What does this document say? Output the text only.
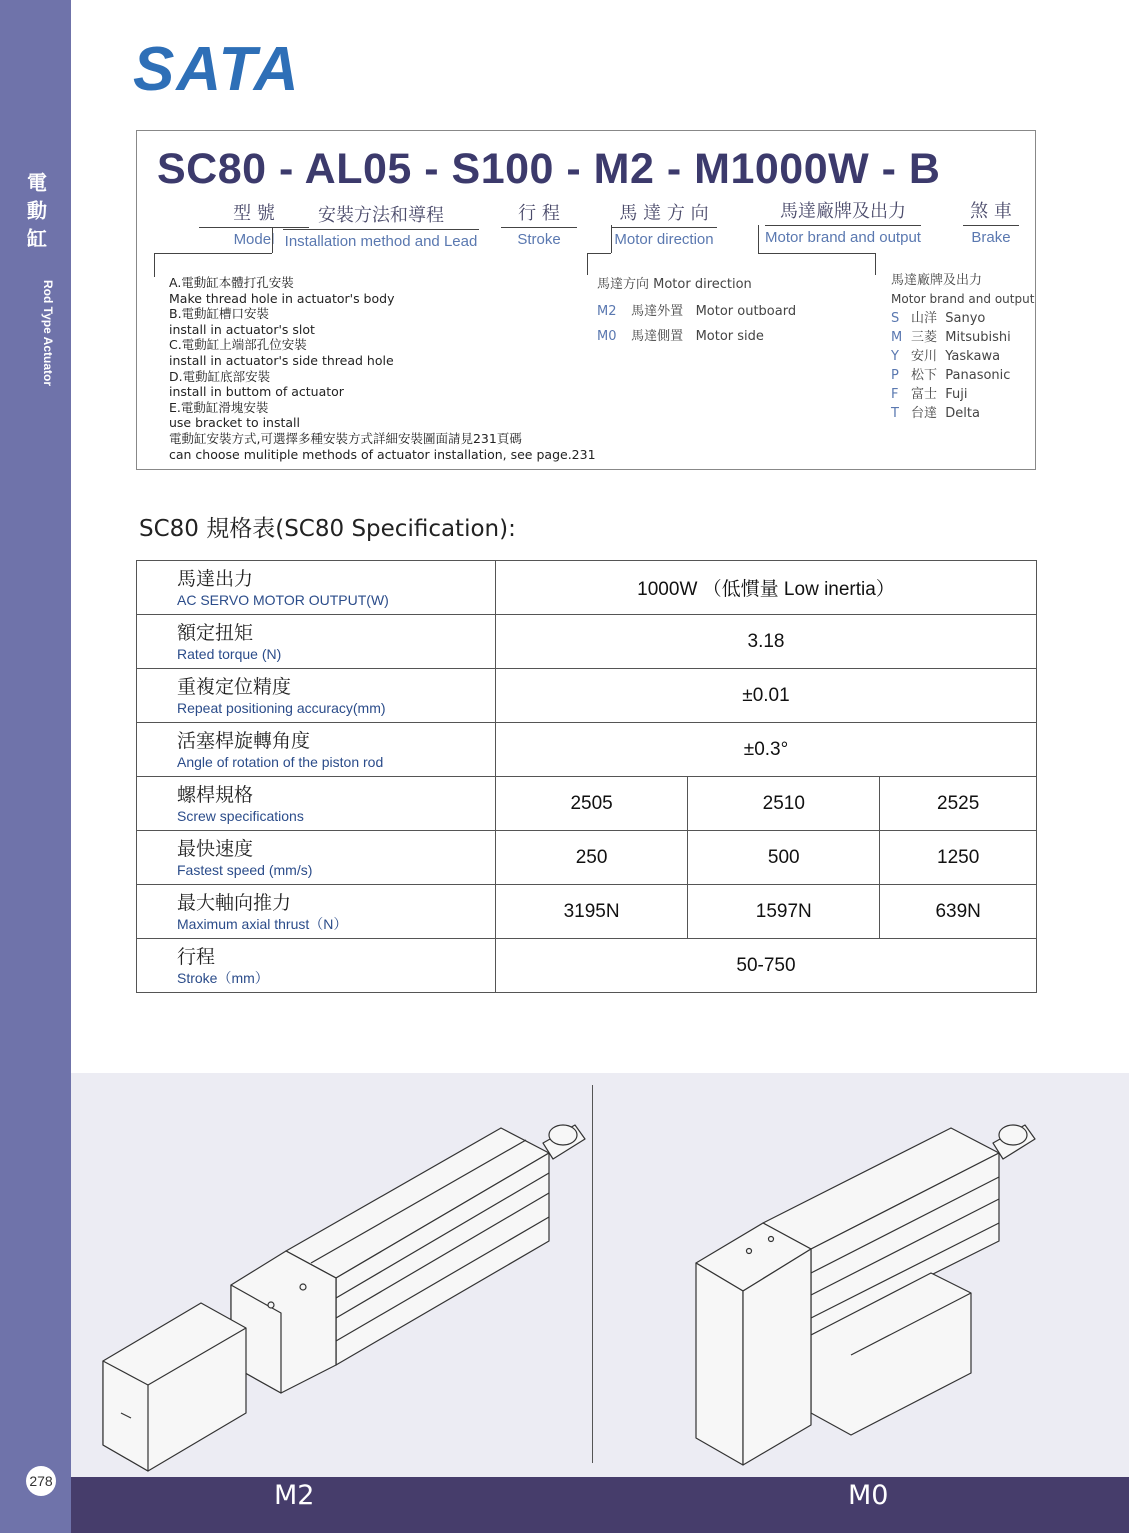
電動缸
Rod Type Actuator
278
SATA
SC80 - AL05 - S100 - M2 - M1000W - B
型 號
Model
安裝方法和導程
Installation method and Lead
行 程
Stroke
馬 達 方 向
Motor direction
馬達廠牌及出力
Motor brand and output
煞 車
Brake
A.電動缸本體打孔安裝
Make thread hole in actuator's body
B.電動缸槽口安裝
install in actuator's slot
C.電動缸上端部孔位安裝
install in actuator's side thread hole
D.電動缸底部安裝
install in buttom of actuator
E.電動缸滑塊安裝
use bracket to install
電動缸安裝方式,可選擇多種安裝方式詳細安裝圖面請見231頁碼
can choose mulitiple methods of actuator installation, see page.231
馬達方向 Motor direction
M2 馬達外置 Motor outboard
M0 馬達側置 Motor side
馬達廠牌及出力
Motor brand and output
S 山洋 Sanyo
M 三菱 Mitsubishi
Y 安川 Yaskawa
P 松下 Panasonic
F 富士 Fuji
T 台達 Delta
SC80 規格表(SC80 Specification):
馬達出力
AC SERVO MOTOR OUTPUT(W)	1000W （低慣量 Low inertia）		

額定扭矩
Rated torque (N)	3.18		

重複定位精度
Repeat positioning accuracy(mm)	±0.01		

活塞桿旋轉角度
Angle of rotation of the piston rod	±0.3°		

螺桿規格
Screw specifications	2505	2510	2525

最快速度
Fastest speed (mm/s)	250	500	1250

最大軸向推力
Maximum axial thrust（N）	3195N	1597N	639N

行程
Stroke（mm）	50-750		
M2	M0
